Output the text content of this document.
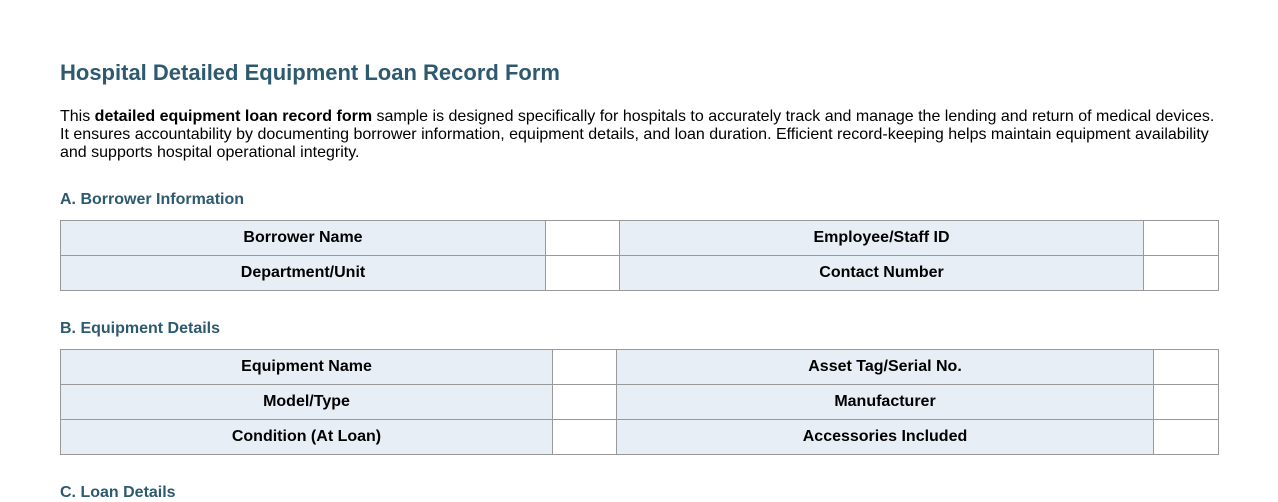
Hospital Detailed Equipment Loan Record Form

This detailed equipment loan record form sample is designed specifically for hospitals to accurately track and manage the lending and return of medical devices. It ensures accountability by documenting borrower information, equipment details, and loan duration. Efficient record-keeping helps maintain equipment availability and supports hospital operational integrity.

A. Borrower Information
Borrower Name		Employee/Staff ID	
Department/Unit		Contact Number	
B. Equipment Details
Equipment Name		Asset Tag/Serial No.	
Model/Type		Manufacturer	
Condition (At Loan)		Accessories Included	
C. Loan Details
